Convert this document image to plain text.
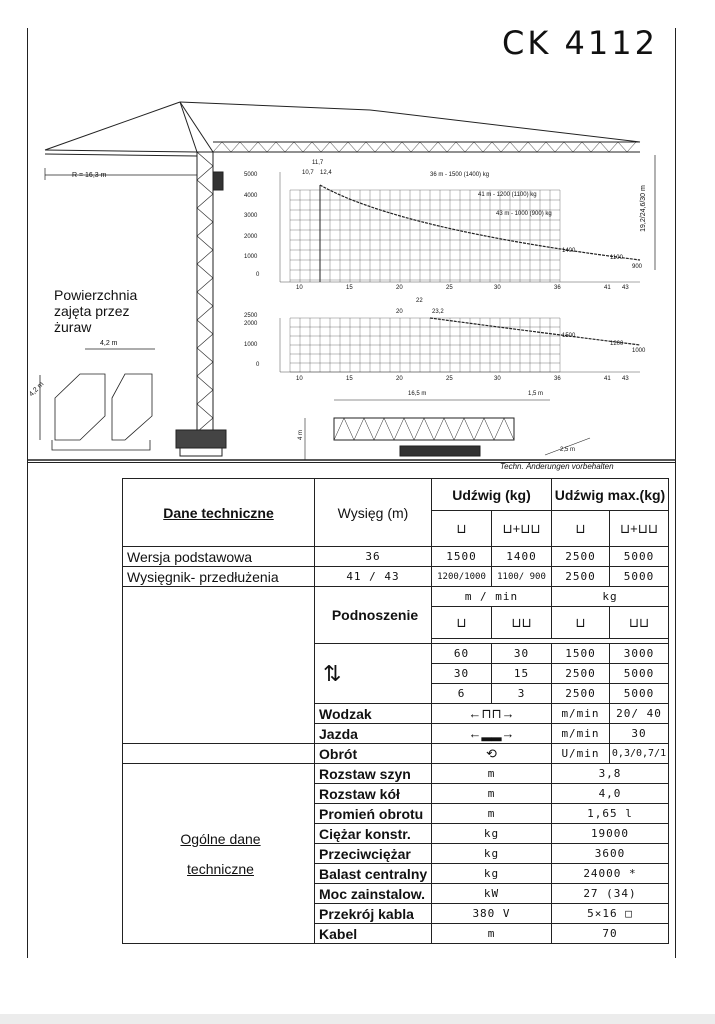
CK 4112
R = 16,3 m
Powierzchnia zajęta przez żuraw
4,2 m
4,2 m
19,2/24,6/30 m
5000
4000
3000
2000
1000
0
10	15	20	25	30	36	41 43
11,7
10,7 12,4	36 m - 1500 (1400) kg
41 m - 1200 (1100) kg
43 m - 1000 (900) kg
1400
1100
900
2500
2000
1000
0
10	15	20	25	30	36	41 43
22
20	23,2
1500
1200
1000
16,5 m	1,5 m
4 m
2,5 m
Techn. Änderungen vorbehalten
Dane techniczne	Wysięg (m)	Udźwig (kg)		Udźwig max.(kg)	
		⊔	⊔+⊔⊔	⊔	⊔+⊔⊔
Wersja podstawowa	36	1500	1400	2500	5000
Wysięgnik- przedłużenia	41 / 43	1200/1000	1100/ 900	2500	5000
	Podnoszenie	m / min		kg	
		⊔	⊔⊔	⊔	⊔⊔

	⇅	60	30	1500	3000
		30	15	2500	5000
		6	3	2500	5000
	Wodzak	←⊓⊓→		m/min	20/ 40
	Jazda	←▂▂→		m/min	30
	Obrót	⟲		U/min	0,3/0,7/1
Ogólne dane
techniczne	Rozstaw szyn	m		3,8	
	Rozstaw kół	m		4,0	
	Promień obrotu	m		1,65 l	
	Ciężar konstr.	kg		19000	
	Przeciwciężar	kg		3600	
	Balast centralny	kg		24000 *	
	Moc zainstalow.	kW		27 (34)	
	Przekrój kabla	380 V		5×16 □	
	Kabel	m		70	
